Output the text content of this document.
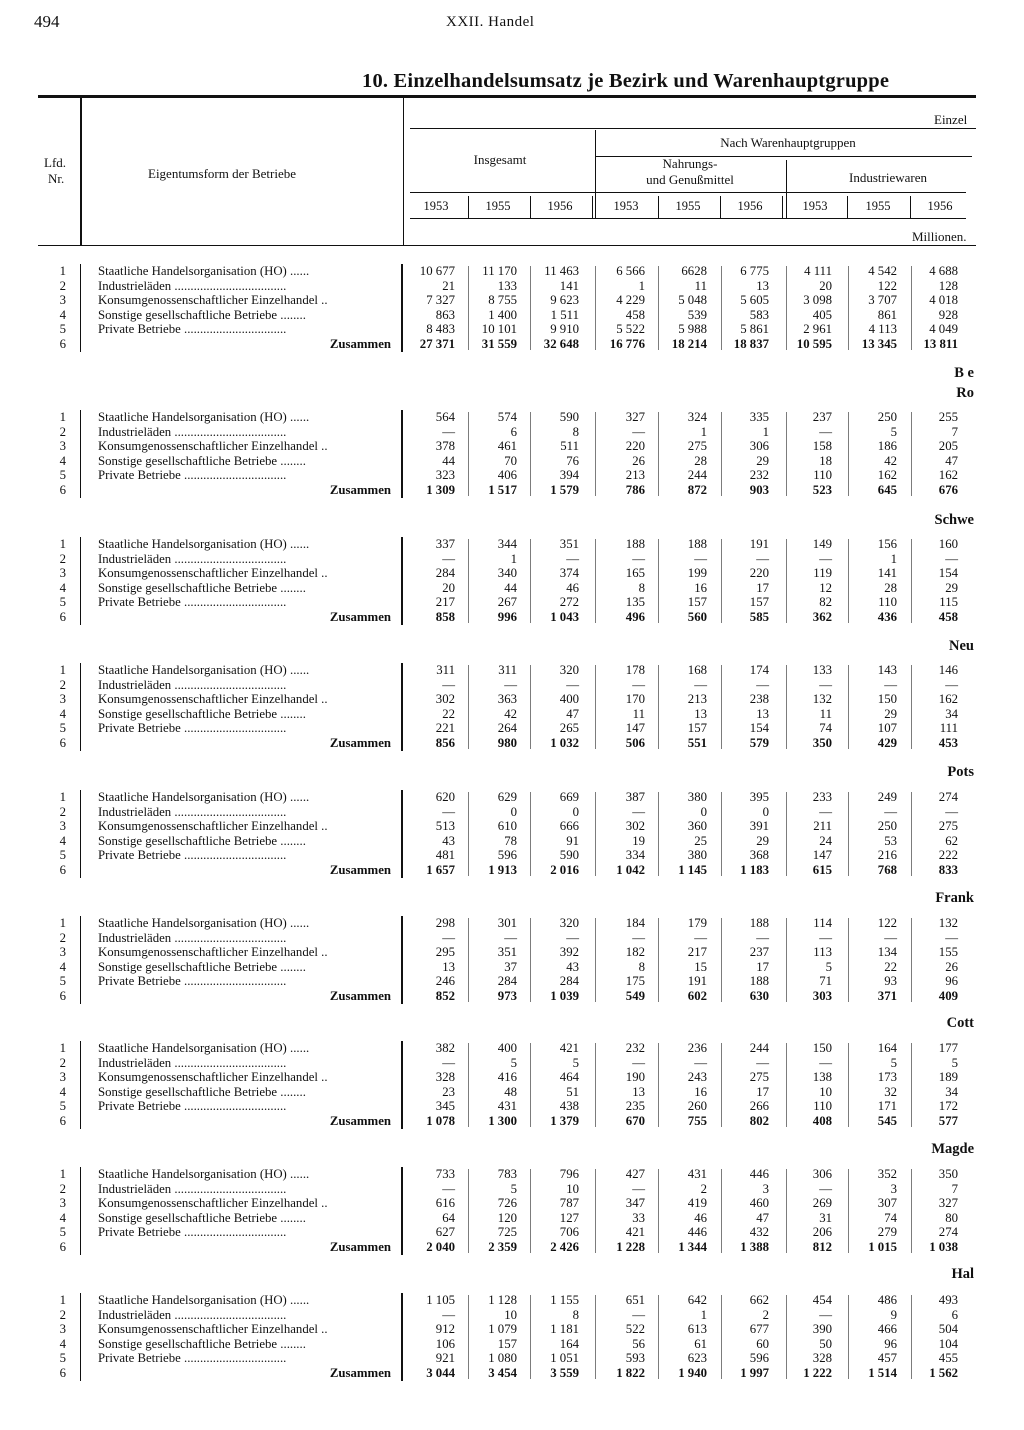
494	XXII. Handel
10. Einzelhandelsumsatz je Bezirk und Warenhauptgruppe
Lfd.
Nr.	Eigentumsform der Betriebe
Einzel
Nach Warenhauptgruppen
Insgesamt	Nahrungs-
und Genußmittel	Industriewaren
Millionen.
1953	1955	1956	1953	1955	1956	1953	1955	1956
1	Staatliche Handelsorganisation (HO) ......	10 677	11 170	11 463	6 566	6628	6 775	4 111	4 542	4 688
2	Industrieläden ...................................	21	133	141	1	11	13	20	122	128
3	Konsumgenossenschaftlicher Einzelhandel ..	7 327	8 755	9 623	4 229	5 048	5 605	3 098	3 707	4 018
4	Sonstige gesellschaftliche Betriebe ........	863	1 400	1 511	458	539	583	405	861	928
5	Private Betriebe ................................	8 483	10 101	9 910	5 522	5 988	5 861	2 961	4 113	4 049
6	Zusammen	27 371	31 559	32 648	16 776	18 214	18 837	10 595	13 345	13 811
B e
Ro
1	Staatliche Handelsorganisation (HO) ......	564	574	590	327	324	335	237	250	255
2	Industrieläden ...................................	—	6	8	—	1	1	—	5	7
3	Konsumgenossenschaftlicher Einzelhandel ..	378	461	511	220	275	306	158	186	205
4	Sonstige gesellschaftliche Betriebe ........	44	70	76	26	28	29	18	42	47
5	Private Betriebe ................................	323	406	394	213	244	232	110	162	162
6	Zusammen	1 309	1 517	1 579	786	872	903	523	645	676
Schwe
1	Staatliche Handelsorganisation (HO) ......	337	344	351	188	188	191	149	156	160
2	Industrieläden ...................................	—	1	—	—	—	—	—	1	—
3	Konsumgenossenschaftlicher Einzelhandel ..	284	340	374	165	199	220	119	141	154
4	Sonstige gesellschaftliche Betriebe ........	20	44	46	8	16	17	12	28	29
5	Private Betriebe ................................	217	267	272	135	157	157	82	110	115
6	Zusammen	858	996	1 043	496	560	585	362	436	458
Neu
1	Staatliche Handelsorganisation (HO) ......	311	311	320	178	168	174	133	143	146
2	Industrieläden ...................................	—	—	—	—	—	—	—	—	—
3	Konsumgenossenschaftlicher Einzelhandel ..	302	363	400	170	213	238	132	150	162
4	Sonstige gesellschaftliche Betriebe ........	22	42	47	11	13	13	11	29	34
5	Private Betriebe ................................	221	264	265	147	157	154	74	107	111
6	Zusammen	856	980	1 032	506	551	579	350	429	453
Pots
1	Staatliche Handelsorganisation (HO) ......	620	629	669	387	380	395	233	249	274
2	Industrieläden ...................................	—	0	0	—	0	0	—	—	—
3	Konsumgenossenschaftlicher Einzelhandel ..	513	610	666	302	360	391	211	250	275
4	Sonstige gesellschaftliche Betriebe ........	43	78	91	19	25	29	24	53	62
5	Private Betriebe ................................	481	596	590	334	380	368	147	216	222
6	Zusammen	1 657	1 913	2 016	1 042	1 145	1 183	615	768	833
Frank
1	Staatliche Handelsorganisation (HO) ......	298	301	320	184	179	188	114	122	132
2	Industrieläden ...................................	—	—	—	—	—	—	—	—	—
3	Konsumgenossenschaftlicher Einzelhandel ..	295	351	392	182	217	237	113	134	155
4	Sonstige gesellschaftliche Betriebe ........	13	37	43	8	15	17	5	22	26
5	Private Betriebe ................................	246	284	284	175	191	188	71	93	96
6	Zusammen	852	973	1 039	549	602	630	303	371	409
Cott
1	Staatliche Handelsorganisation (HO) ......	382	400	421	232	236	244	150	164	177
2	Industrieläden ...................................	—	5	5	—	—	—	—	5	5
3	Konsumgenossenschaftlicher Einzelhandel ..	328	416	464	190	243	275	138	173	189
4	Sonstige gesellschaftliche Betriebe ........	23	48	51	13	16	17	10	32	34
5	Private Betriebe ................................	345	431	438	235	260	266	110	171	172
6	Zusammen	1 078	1 300	1 379	670	755	802	408	545	577
Magde
1	Staatliche Handelsorganisation (HO) ......	733	783	796	427	431	446	306	352	350
2	Industrieläden ...................................	—	5	10	—	2	3	—	3	7
3	Konsumgenossenschaftlicher Einzelhandel ..	616	726	787	347	419	460	269	307	327
4	Sonstige gesellschaftliche Betriebe ........	64	120	127	33	46	47	31	74	80
5	Private Betriebe ................................	627	725	706	421	446	432	206	279	274
6	Zusammen	2 040	2 359	2 426	1 228	1 344	1 388	812	1 015	1 038
Hal
1	Staatliche Handelsorganisation (HO) ......	1 105	1 128	1 155	651	642	662	454	486	493
2	Industrieläden ...................................	—	10	8	—	1	2	—	9	6
3	Konsumgenossenschaftlicher Einzelhandel ..	912	1 079	1 181	522	613	677	390	466	504
4	Sonstige gesellschaftliche Betriebe ........	106	157	164	56	61	60	50	96	104
5	Private Betriebe ................................	921	1 080	1 051	593	623	596	328	457	455
6	Zusammen	3 044	3 454	3 559	1 822	1 940	1 997	1 222	1 514	1 562
